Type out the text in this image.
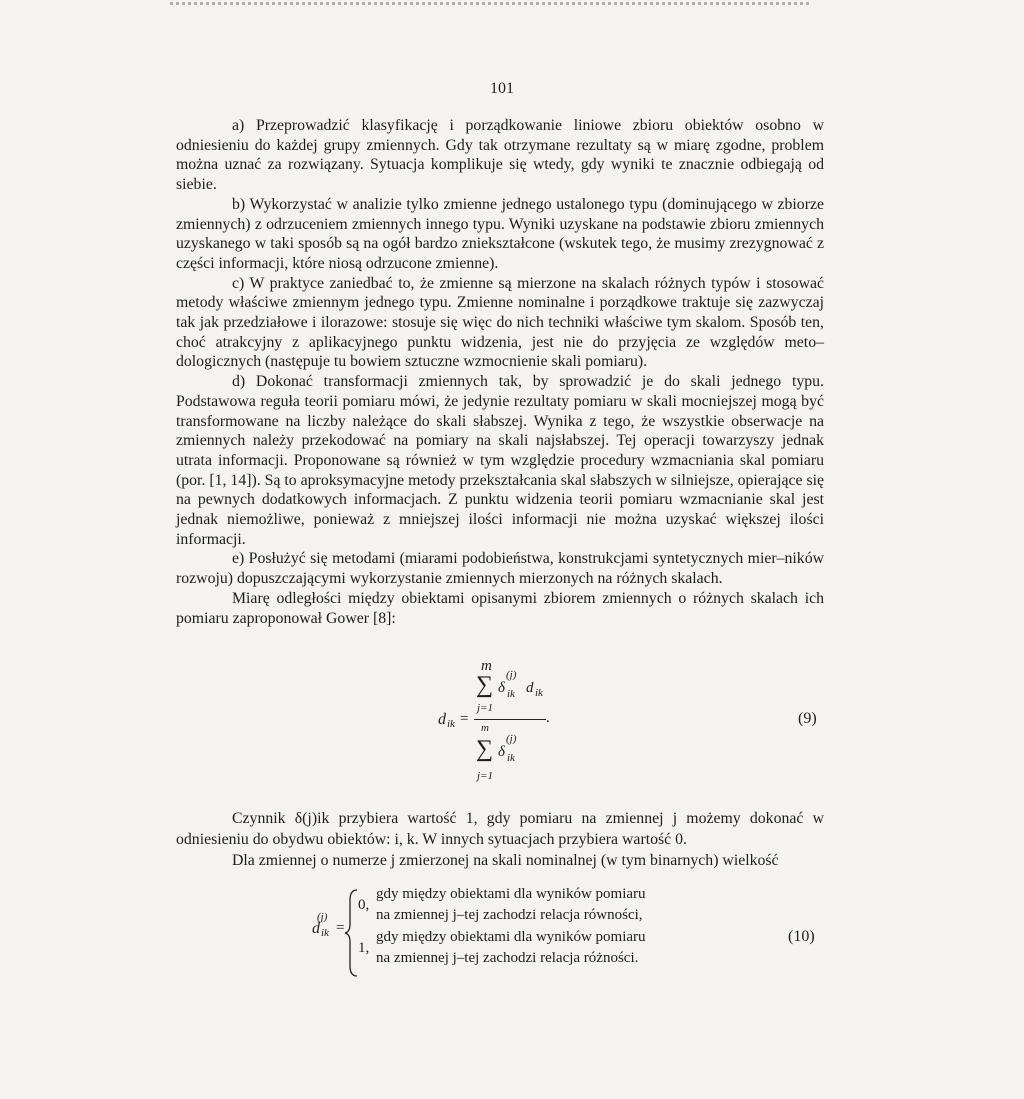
101

a) Przeprowadzić klasyfikację i porządkowanie liniowe zbioru obiektów osobno w odniesieniu do każdej grupy zmiennych. Gdy tak otrzymane rezultaty są w miarę zgodne, problem można uznać za rozwiązany. Sytuacja komplikuje się wtedy, gdy wyniki te znacznie odbiegają od siebie.

b) Wykorzystać w analizie tylko zmienne jednego ustalonego typu (dominującego w zbiorze zmiennych) z odrzuceniem zmiennych innego typu. Wyniki uzyskane na podstawie zbioru zmiennych uzyskanego w taki sposób są na ogół bardzo zniekształcone (wskutek tego, że musimy zrezygnować z części informacji, które niosą odrzucone zmienne).

c) W praktyce zaniedbać to, że zmienne są mierzone na skalach różnych typów i stosować metody właściwe zmiennym jednego typu. Zmienne nominalne i porządkowe traktuje się zazwyczaj tak jak przedziałowe i ilorazowe: stosuje się więc do nich techniki właściwe tym skalom. Sposób ten, choć atrakcyjny z aplikacyjnego punktu widzenia, jest nie do przyjęcia ze względów meto–dologicznych (następuje tu bowiem sztuczne wzmocnienie skali pomiaru).

d) Dokonać transformacji zmiennych tak, by sprowadzić je do skali jednego typu. Podstawowa reguła teorii pomiaru mówi, że jedynie rezultaty pomiaru w skali mocniejszej mogą być transformowane na liczby należące do skali słabszej. Wynika z tego, że wszystkie obserwacje na zmiennych należy przekodować na pomiary na skali najsłabszej. Tej operacji towarzyszy jednak utrata informacji. Proponowane są również w tym względzie procedury wzmacniania skal pomiaru (por. [1, 14]). Są to aproksymacyjne metody przekształcania skal słabszych w silniejsze, opierające się na pewnych dodatkowych informacjach. Z punktu widzenia teorii pomiaru wzmacnianie skal jest jednak niemożliwe, ponieważ z mniejszej ilości informacji nie można uzyskać większej ilości informacji.

e) Posłużyć się metodami (miarami podobieństwa, konstrukcjami syntetycznych mier–ników rozwoju) dopuszczającymi wykorzystanie zmiennych mierzonych na różnych skalach.

Miarę odległości między obiektami opisanymi zbiorem zmiennych o różnych skalach ich pomiaru zaproponował Gower [8]:

m
∑ δ
(j)
ik d ik
j=1
d ik =	.
m
∑ δ
(j)
ik
j=1
(9)

Czynnik δ(j)ik przybiera wartość 1, gdy pomiaru na zmiennej j możemy dokonać w odniesieniu do obydwu obiektów: i, k. W innych sytuacjach przybiera wartość 0.

Dla zmiennej o numerze j zmierzonej na skali nominalnej (w tym binarnych) wielkość

d
(j)
ik =
0,
gdy między obiektami dla wyników pomiaru
na zmiennej j–tej zachodzi relacja równości,
1,
gdy między obiektami dla wyników pomiaru
na zmiennej j–tej zachodzi relacja różności.
(10)
